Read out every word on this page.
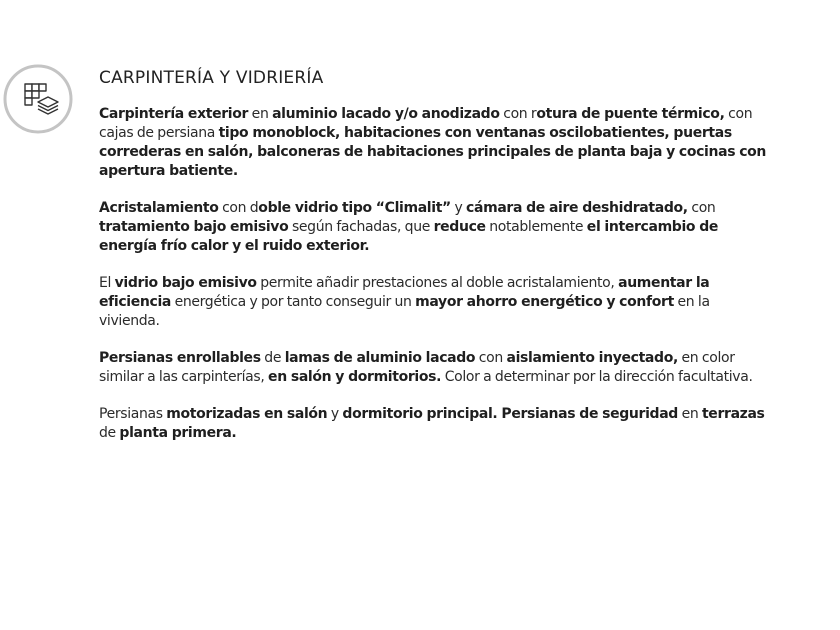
CARPINTERÍA Y VIDRIERÍA

Carpintería exterior en aluminio lacado y/o anodizado con rotura de puente térmico, con cajas de persiana tipo monoblock, habitaciones con ventanas oscilobatientes, puertas correderas en salón, balconeras de habitaciones principales de planta baja y cocinas con apertura batiente.

Acristalamiento con doble vidrio tipo “Climalit” y cámara de aire deshidratado, con tratamiento bajo emisivo según fachadas, que reduce notablemente el intercambio de energía frío calor y el ruido exterior.

El vidrio bajo emisivo permite añadir prestaciones al doble acristalamiento, aumentar la eficiencia energética y por tanto conseguir un mayor ahorro energético y confort en la vivienda.

Persianas enrollables de lamas de aluminio lacado con aislamiento inyectado, en color similar a las carpinterías, en salón y dormitorios. Color a determinar por la dirección facultativa.

Persianas motorizadas en salón y dormitorio principal. Persianas de seguridad en terrazas de planta primera.
